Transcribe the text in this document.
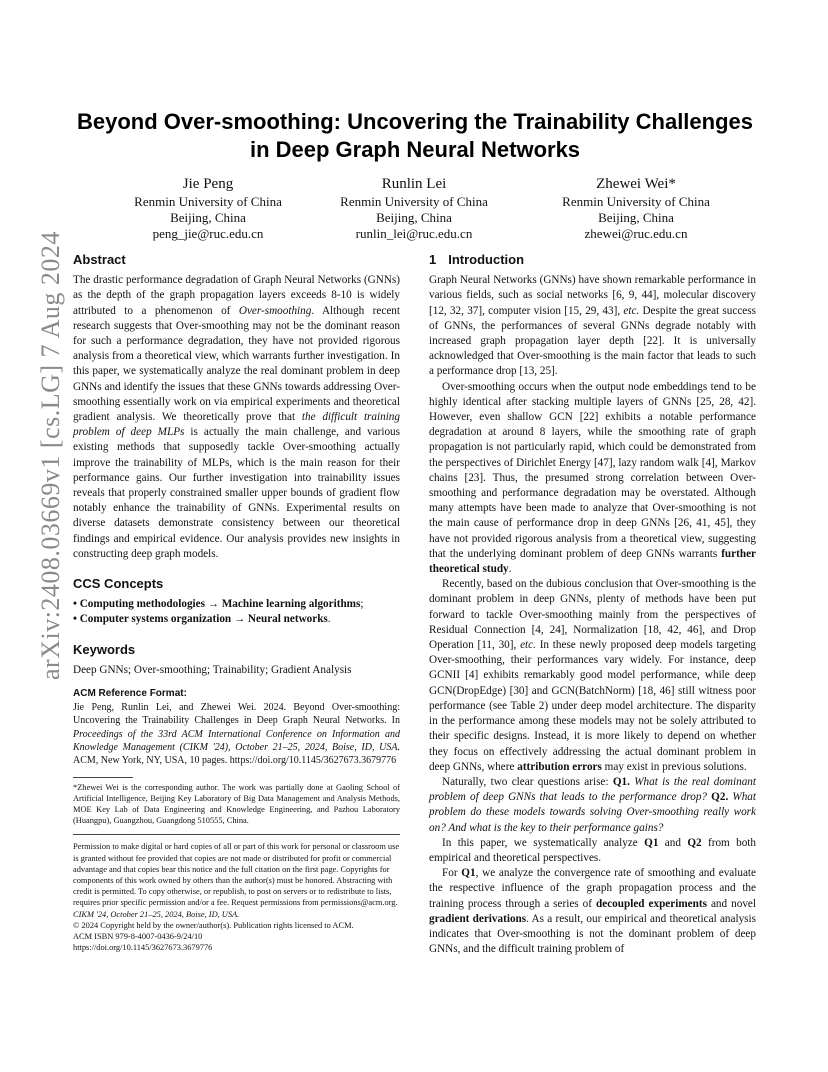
arXiv:2408.03669v1 [cs.LG] 7 Aug 2024
Beyond Over-smoothing: Uncovering the Trainability Challenges
in Deep Graph Neural Networks
Jie Peng
Renmin University of China
Beijing, China
peng_jie@ruc.edu.cn
Runlin Lei
Renmin University of China
Beijing, China
runlin_lei@ruc.edu.cn
Zhewei Wei*
Renmin University of China
Beijing, China
zhewei@ruc.edu.cn
Abstract

The drastic performance degradation of Graph Neural Networks (GNNs) as the depth of the graph propagation layers exceeds 8-10 is widely attributed to a phenomenon of Over-smoothing. Although recent research suggests that Over-smoothing may not be the dominant reason for such a performance degradation, they have not provided rigorous analysis from a theoretical view, which warrants further investigation. In this paper, we systematically analyze the real dominant problem in deep GNNs and identify the issues that these GNNs towards addressing Over-smoothing essentially work on via empirical experiments and theoretical gradient analysis. We theoretically prove that the difficult training problem of deep MLPs is actually the main challenge, and various existing methods that supposedly tackle Over-smoothing actually improve the trainability of MLPs, which is the main reason for their performance gains. Our further investigation into trainability issues reveals that properly constrained smaller upper bounds of gradient flow notably enhance the trainability of GNNs. Experimental results on diverse datasets demonstrate consistency between our theoretical findings and empirical evidence. Our analysis provides new insights in constructing deep graph models.

CCS Concepts

• Computing methodologies → Machine learning algorithms;

• Computer systems organization → Neural networks.

Keywords

Deep GNNs; Over-smoothing; Trainability; Gradient Analysis

ACM Reference Format:

Jie Peng, Runlin Lei, and Zhewei Wei. 2024. Beyond Over-smoothing: Uncovering the Trainability Challenges in Deep Graph Neural Networks. In Proceedings of the 33rd ACM International Conference on Information and Knowledge Management (CIKM '24), October 21–25, 2024, Boise, ID, USA. ACM, New York, NY, USA, 10 pages. https://doi.org/10.1145/3627673.3679776

*Zhewei Wei is the corresponding author. The work was partially done at Gaoling School of Artificial Intelligence, Beijing Key Laboratory of Big Data Management and Analysis Methods, MOE Key Lab of Data Engineering and Knowledge Engineering, and Pazhou Laboratory (Huangpu), Guangzhou, Guangdong 510555, China.

Permission to make digital or hard copies of all or part of this work for personal or classroom use is granted without fee provided that copies are not made or distributed for profit or commercial advantage and that copies bear this notice and the full citation on the first page. Copyrights for components of this work owned by others than the author(s) must be honored. Abstracting with credit is permitted. To copy otherwise, or republish, to post on servers or to redistribute to lists, requires prior specific permission and/or a fee. Request permissions from permissions@acm.org.

CIKM '24, October 21–25, 2024, Boise, ID, USA.

© 2024 Copyright held by the owner/author(s). Publication rights licensed to ACM.

ACM ISBN 979-8-4007-0436-9/24/10

https://doi.org/10.1145/3627673.3679776

1 Introduction

Graph Neural Networks (GNNs) have shown remarkable performance in various fields, such as social networks [6, 9, 44], molecular discovery [12, 32, 37], computer vision [15, 29, 43], etc. Despite the great success of GNNs, the performances of several GNNs degrade notably with increased graph propagation layer depth [22]. It is universally acknowledged that Over-smoothing is the main factor that leads to such a performance drop [13, 25].

Over-smoothing occurs when the output node embeddings tend to be highly identical after stacking multiple layers of GNNs [25, 28, 42]. However, even shallow GCN [22] exhibits a notable performance degradation at around 8 layers, while the smoothing rate of graph propagation is not particularly rapid, which could be demonstrated from the perspectives of Dirichlet Energy [47], lazy random walk [4], Markov chains [23]. Thus, the presumed strong correlation between Over-smoothing and performance degradation may be overstated. Although many attempts have been made to analyze that Over-smoothing is not the main cause of performance drop in deep GNNs [26, 41, 45], they have not provided rigorous analysis from a theoretical view, suggesting that the underlying dominant problem of deep GNNs warrants further theoretical study.

Recently, based on the dubious conclusion that Over-smoothing is the dominant problem in deep GNNs, plenty of methods have been put forward to tackle Over-smoothing mainly from the perspectives of Residual Connection [4, 24], Normalization [18, 42, 46], and Drop Operation [11, 30], etc. In these newly proposed deep models targeting Over-smoothing, their performances vary widely. For instance, deep GCNII [4] exhibits remarkably good model performance, while deep GCN(DropEdge) [30] and GCN(BatchNorm) [18, 46] still witness poor performance (see Table 2) under deep model architecture. The disparity in the performance among these models may not be solely attributed to their specific designs. Instead, it is more likely to depend on whether they focus on effectively addressing the actual dominant problem in deep GNNs, where attribution errors may exist in previous solutions.

Naturally, two clear questions arise: Q1. What is the real dominant problem of deep GNNs that leads to the performance drop? Q2. What problem do these models towards solving Over-smoothing really work on? And what is the key to their performance gains?

In this paper, we systematically analyze Q1 and Q2 from both empirical and theoretical perspectives.

For Q1, we analyze the convergence rate of smoothing and evaluate the respective influence of the graph propagation process and the training process through a series of decoupled experiments and novel gradient derivations. As a result, our empirical and theoretical analysis indicates that Over-smoothing is not the dominant problem of deep GNNs, and the difficult training problem of
